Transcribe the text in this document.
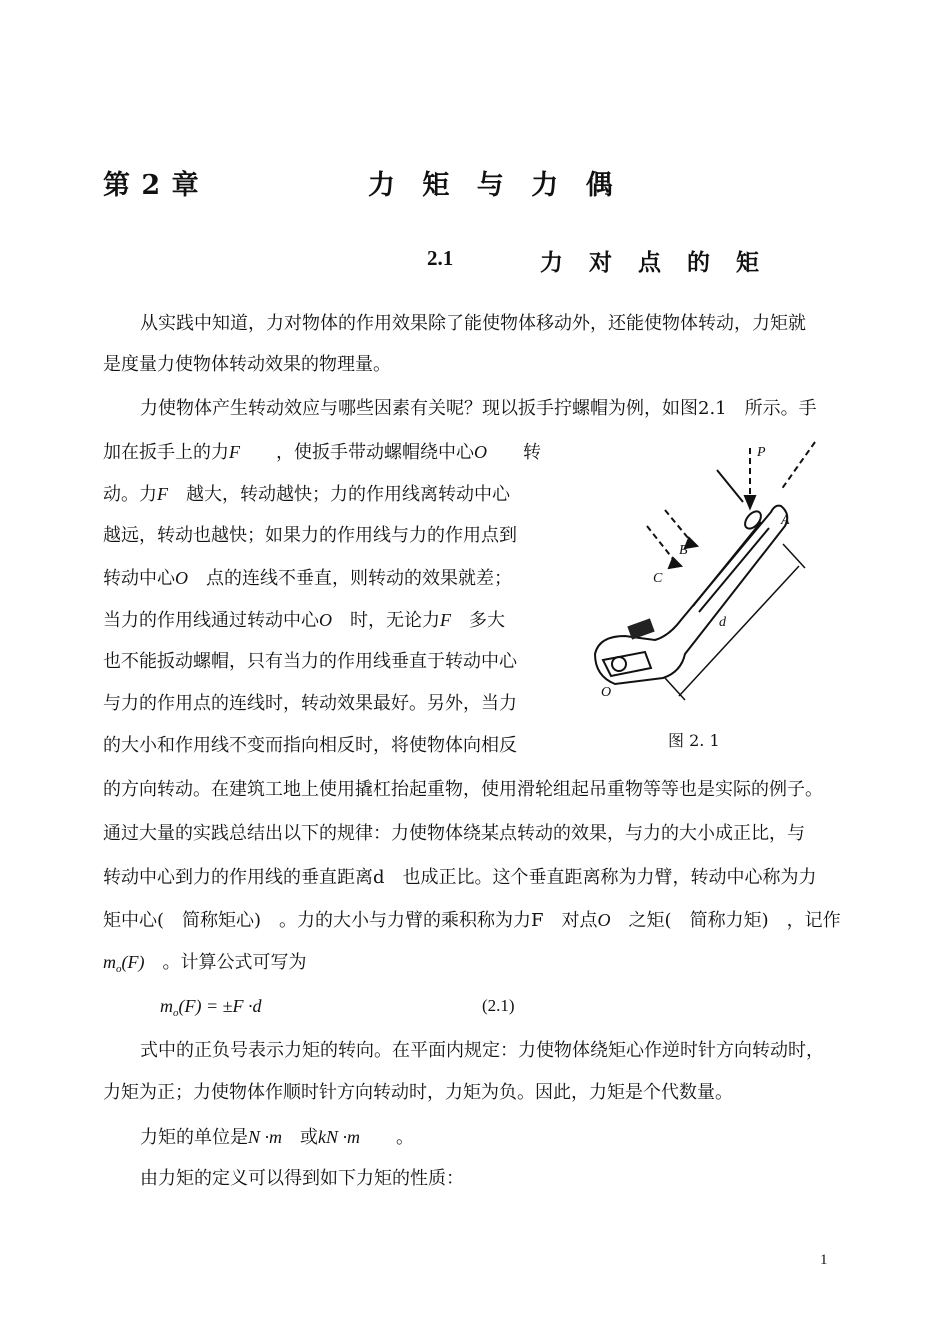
第 2 章	力 矩 与 力 偶
2.1	力 对 点 的 矩
从实践中知道，力对物体的作用效果除了能使物体移动外，还能使物体转动，力矩就
是度量力使物体转动效果的物理量。
力使物体产生转动效应与哪些因素有关呢？现以扳手拧螺帽为例，如图2.1　所示。手
加在扳手上的力F　　 ，使扳手带动螺帽绕中心O　　 转
动。力F　 越大，转动越快；力的作用线离转动中心
越远，转动也越快；如果力的作用线与力的作用点到
转动中心O　 点的连线不垂直，则转动的效果就差；
当力的作用线通过转动中心O　 时，无论力F　 多大
也不能扳动螺帽，只有当力的作用线垂直于转动中心
与力的作用点的连线时，转动效果最好。另外，当力
的大小和作用线不变而指向相反时，将使物体向相反
的方向转动。在建筑工地上使用撬杠抬起重物，使用滑轮组起吊重物等等也是实际的例子。
通过大量的实践总结出以下的规律：力使物体绕某点转动的效果，与力的大小成正比，与
转动中心到力的作用线的垂直距离d　也成正比。这个垂直距离称为力臂，转动中心称为力
矩中心(　简称矩心)　。力的大小与力臂的乘积称为力F　对点O　 之矩(　简称力矩)　，记作
$m_o(F)$　 。计算公式可写为
$m_o(F) = \pm F \cdot d$	(2.1)
式中的正负号表示力矩的转向。在平面内规定：力使物体绕矩心作逆时针方向转动时，
力矩为正；力使物体作顺时针方向转动时，力矩为负。因此，力矩是个代数量。
力矩的单位是N ·m　 或kN ·m　　 。
由力矩的定义可以得到如下力矩的性质：
P
A
B
C
d
O
图 2. 1
1
